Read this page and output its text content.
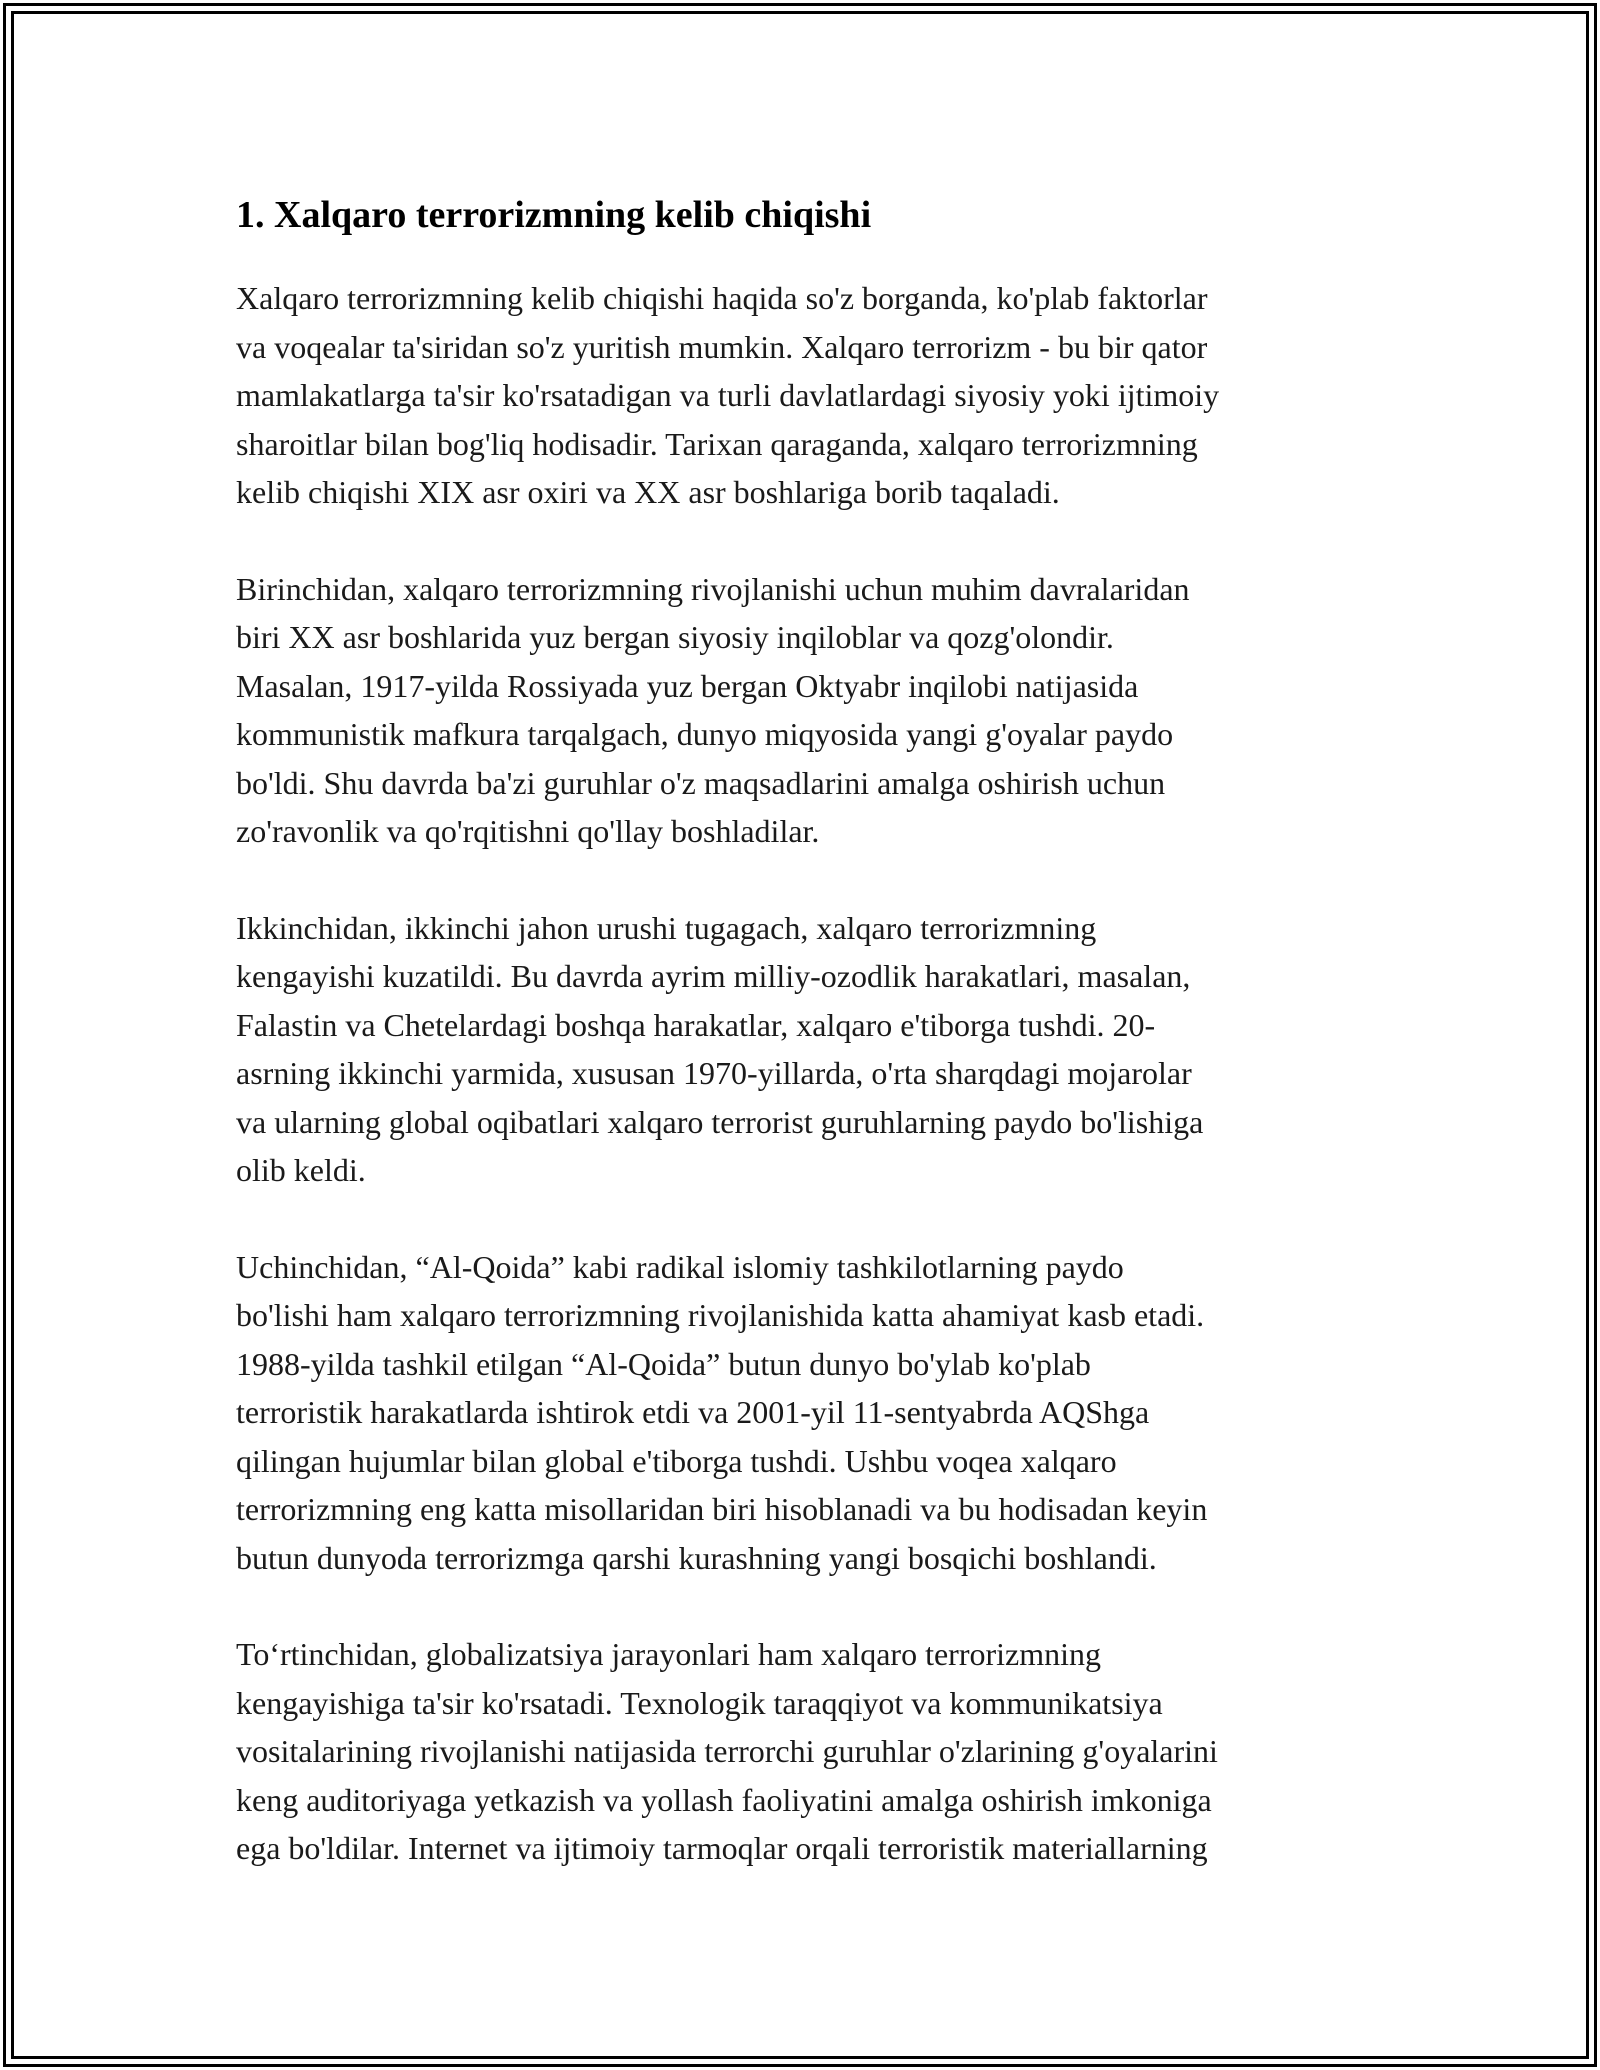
1. Xalqaro terrorizmning kelib chiqishi

Xalqaro terrorizmning kelib chiqishi haqida so'z borganda, ko'plab faktorlar
va voqealar ta'siridan so'z yuritish mumkin. Xalqaro terrorizm - bu bir qator
mamlakatlarga ta'sir ko'rsatadigan va turli davlatlardagi siyosiy yoki ijtimoiy
sharoitlar bilan bog'liq hodisadir. Tarixan qaraganda, xalqaro terrorizmning
kelib chiqishi XIX asr oxiri va XX asr boshlariga borib taqaladi.

Birinchidan, xalqaro terrorizmning rivojlanishi uchun muhim davralaridan
biri XX asr boshlarida yuz bergan siyosiy inqiloblar va qozg'olondir.
Masalan, 1917-yilda Rossiyada yuz bergan Oktyabr inqilobi natijasida
kommunistik mafkura tarqalgach, dunyo miqyosida yangi g'oyalar paydo
bo'ldi. Shu davrda ba'zi guruhlar o'z maqsadlarini amalga oshirish uchun
zo'ravonlik va qo'rqitishni qo'llay boshladilar.

Ikkinchidan, ikkinchi jahon urushi tugagach, xalqaro terrorizmning
kengayishi kuzatildi. Bu davrda ayrim milliy-ozodlik harakatlari, masalan,
Falastin va Chetelardagi boshqa harakatlar, xalqaro e'tiborga tushdi. 20-
asrning ikkinchi yarmida, xususan 1970-yillarda, o'rta sharqdagi mojarolar
va ularning global oqibatlari xalqaro terrorist guruhlarning paydo bo'lishiga
olib keldi.

Uchinchidan, “Al-Qoida” kabi radikal islomiy tashkilotlarning paydo
bo'lishi ham xalqaro terrorizmning rivojlanishida katta ahamiyat kasb etadi.
1988-yilda tashkil etilgan “Al-Qoida” butun dunyo bo'ylab ko'plab
terroristik harakatlarda ishtirok etdi va 2001-yil 11-sentyabrda AQShga
qilingan hujumlar bilan global e'tiborga tushdi. Ushbu voqea xalqaro
terrorizmning eng katta misollaridan biri hisoblanadi va bu hodisadan keyin
butun dunyoda terrorizmga qarshi kurashning yangi bosqichi boshlandi.

To‘rtinchidan, globalizatsiya jarayonlari ham xalqaro terrorizmning
kengayishiga ta'sir ko'rsatadi. Texnologik taraqqiyot va kommunikatsiya
vositalarining rivojlanishi natijasida terrorchi guruhlar o'zlarining g'oyalarini
keng auditoriyaga yetkazish va yollash faoliyatini amalga oshirish imkoniga
ega bo'ldilar. Internet va ijtimoiy tarmoqlar orqali terroristik materiallarning
